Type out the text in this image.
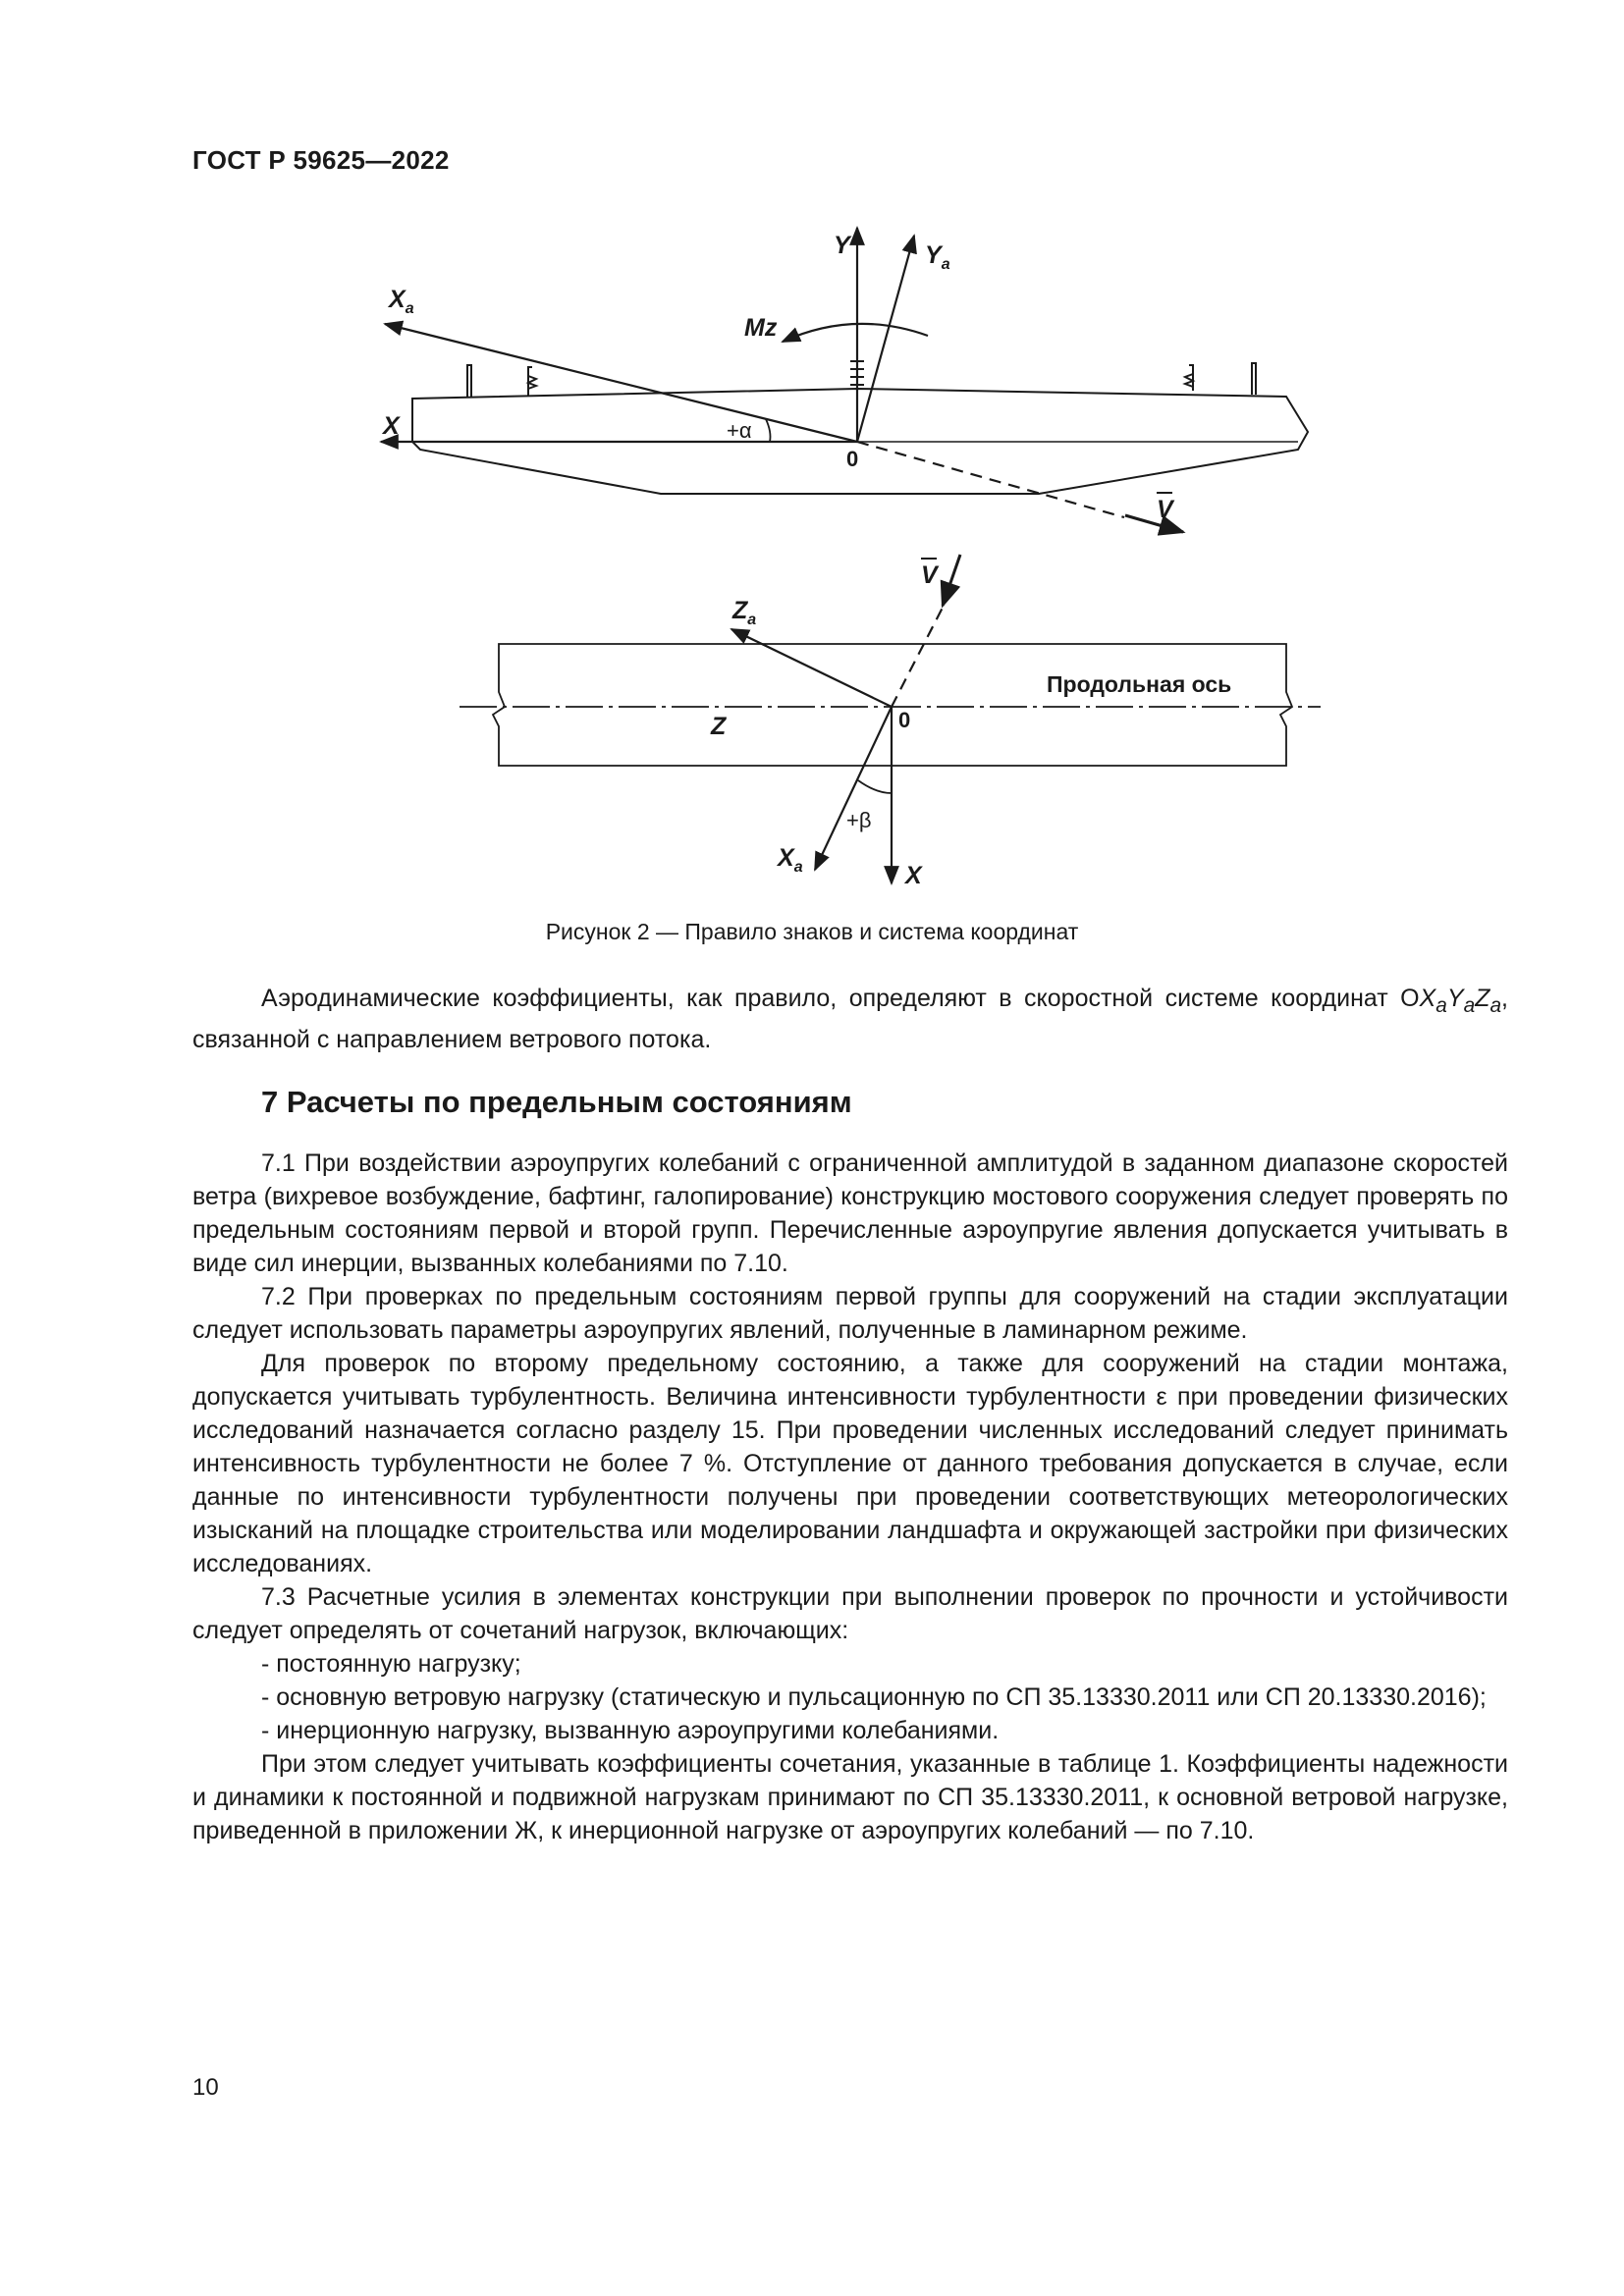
ГОСТ Р 59625—2022
Y	$Y_a$
$X_a$
X
Mz
+α
0
V
V
$Z_a$
Продольная ось
Z	0
+β
$X_a$	X
Рисунок 2 — Правило знаков и система координат

Аэродинамические коэффициенты, как правило, определяют в скоростной системе координат $OX_aY_aZ_a$, связанной с направлением ветрового потока.

7 Расчеты по предельным состояниям

7.1 При воздействии аэроупругих колебаний с ограниченной амплитудой в заданном диапазоне скоростей ветра (вихревое возбуждение, бафтинг, галопирование) конструкцию мостового сооружения следует проверять по предельным состояниям первой и второй групп. Перечисленные аэроупругие явления допускается учитывать в виде сил инерции, вызванных колебаниями по 7.10.

7.2 При проверках по предельным состояниям первой группы для сооружений на стадии эксплуатации следует использовать параметры аэроупругих явлений, полученные в ламинарном режиме.

Для проверок по второму предельному состоянию, а также для сооружений на стадии монтажа, допускается учитывать турбулентность. Величина интенсивности турбулентности ε при проведении физических исследований назначается согласно разделу 15. При проведении численных исследований следует принимать интенсивность турбулентности не более 7 %. Отступление от данного требования допускается в случае, если данные по интенсивности турбулентности получены при проведении соответствующих метеорологических изысканий на площадке строительства или моделировании ландшафта и окружающей застройки при физических исследованиях.

7.3 Расчетные усилия в элементах конструкции при выполнении проверок по прочности и устойчивости следует определять от сочетаний нагрузок, включающих:

- постоянную нагрузку;

- основную ветровую нагрузку (статическую и пульсационную по СП 35.13330.2011 или СП 20.13330.2016);

- инерционную нагрузку, вызванную аэроупругими колебаниями.

При этом следует учитывать коэффициенты сочетания, указанные в таблице 1. Коэффициенты надежности и динамики к постоянной и подвижной нагрузкам принимают по СП 35.13330.2011, к основной ветровой нагрузке, приведенной в приложении Ж, к инерционной нагрузке от аэроупругих колебаний — по 7.10.

10
